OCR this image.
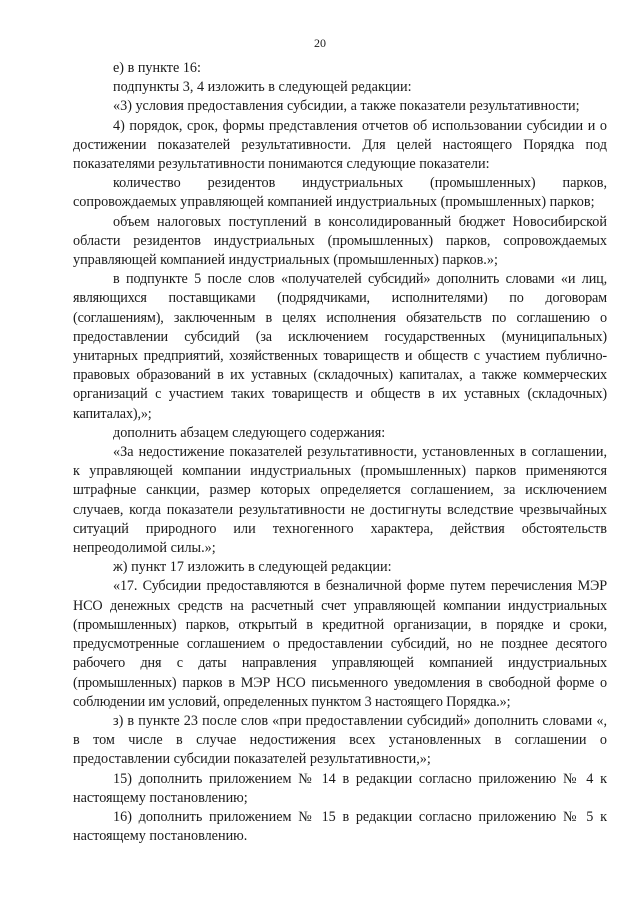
20

е) в пункте 16:

подпункты 3, 4 изложить в следующей редакции:

«3) условия предоставления субсидии, а также показатели результативности;

4) порядок, срок, формы представления отчетов об использовании субсидии и о достижении показателей результативности. Для целей настоящего Порядка под показателями результативности понимаются следующие показатели:

количество резидентов индустриальных (промышленных) парков, сопровождаемых управляющей компанией индустриальных (промышленных) парков;

объем налоговых поступлений в консолидированный бюджет Новосибирской области резидентов индустриальных (промышленных) парков, сопровождаемых управляющей компанией индустриальных (промышленных) парков.»;

в подпункте 5 после слов «получателей субсидий» дополнить словами «и лиц, являющихся поставщиками (подрядчиками, исполнителями) по договорам (соглашениям), заключенным в целях исполнения обязательств по соглашению о предоставлении субсидий (за исключением государственных (муниципальных) унитарных предприятий, хозяйственных товариществ и обществ с участием публично-правовых образований в их уставных (складочных) капиталах, а также коммерческих организаций с участием таких товариществ и обществ в их уставных (складочных) капиталах),»;

дополнить абзацем следующего содержания:

«За недостижение показателей результативности, установленных в соглашении, к управляющей компании индустриальных (промышленных) парков применяются штрафные санкции, размер которых определяется соглашением, за исключением случаев, когда показатели результативности не достигнуты вследствие чрезвычайных ситуаций природного или техногенного характера, действия обстоятельств непреодолимой силы.»;

ж) пункт 17 изложить в следующей редакции:

«17. Субсидии предоставляются в безналичной форме путем перечисления МЭР НСО денежных средств на расчетный счет управляющей компании индустриальных (промышленных) парков, открытый в кредитной организации, в порядке и сроки, предусмотренные соглашением о предоставлении субсидий, но не позднее десятого рабочего дня с даты направления управляющей компанией индустриальных (промышленных) парков в МЭР НСО письменного уведомления в свободной форме о соблюдении им условий, определенных пунктом 3 настоящего Порядка.»;

з) в пункте 23 после слов «при предоставлении субсидий» дополнить словами «, в том числе в случае недостижения всех установленных в соглашении о предоставлении субсидии показателей результативности,»;

15) дополнить приложением № 14 в редакции согласно приложению № 4 к настоящему постановлению;

16) дополнить приложением № 15 в редакции согласно приложению № 5 к настоящему постановлению.
